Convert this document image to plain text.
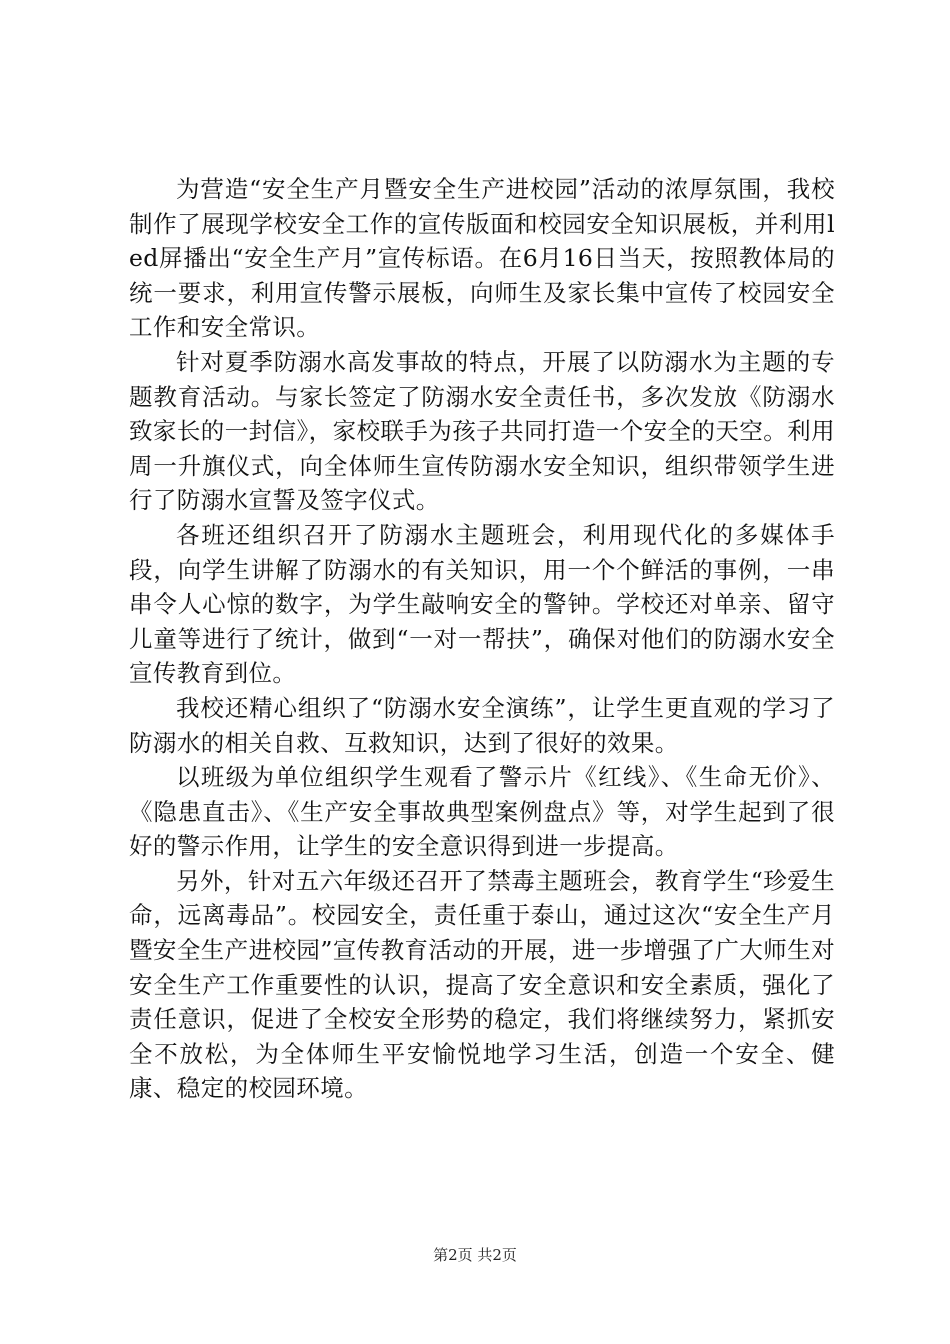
为营造“安全生产月暨安全生产进校园”活动的浓厚氛围，我校制作了展现学校安全工作的宣传版面和校园安全知识展板，并利用led屏播出“安全生产月”宣传标语。在6月16日当天，按照教体局的统一要求，利用宣传警示展板，向师生及家长集中宣传了校园安全工作和安全常识。

针对夏季防溺水高发事故的特点，开展了以防溺水为主题的专题教育活动。与家长签定了防溺水安全责任书，多次发放《防溺水致家长的一封信》，家校联手为孩子共同打造一个安全的天空。利用周一升旗仪式，向全体师生宣传防溺水安全知识，组织带领学生进行了防溺水宣誓及签字仪式。

各班还组织召开了防溺水主题班会，利用现代化的多媒体手段，向学生讲解了防溺水的有关知识，用一个个鲜活的事例，一串串令人心惊的数字，为学生敲响安全的警钟。学校还对单亲、留守儿童等进行了统计，做到“一对一帮扶”，确保对他们的防溺水安全宣传教育到位。

我校还精心组织了“防溺水安全演练”，让学生更直观的学习了防溺水的相关自救、互救知识，达到了很好的效果。

以班级为单位组织学生观看了警示片《红线》、《生命无价》、《隐患直击》、《生产安全事故典型案例盘点》等，对学生起到了很好的警示作用，让学生的安全意识得到进一步提高。

另外，针对五六年级还召开了禁毒主题班会，教育学生“珍爱生命，远离毒品”。校园安全，责任重于泰山，通过这次“安全生产月暨安全生产进校园”宣传教育活动的开展，进一步增强了广大师生对安全生产工作重要性的认识，提高了安全意识和安全素质，强化了责任意识，促进了全校安全形势的稳定，我们将继续努力，紧抓安全不放松，为全体师生平安愉悦地学习生活，创造一个安全、健康、稳定的校园环境。

第2页 共2页
